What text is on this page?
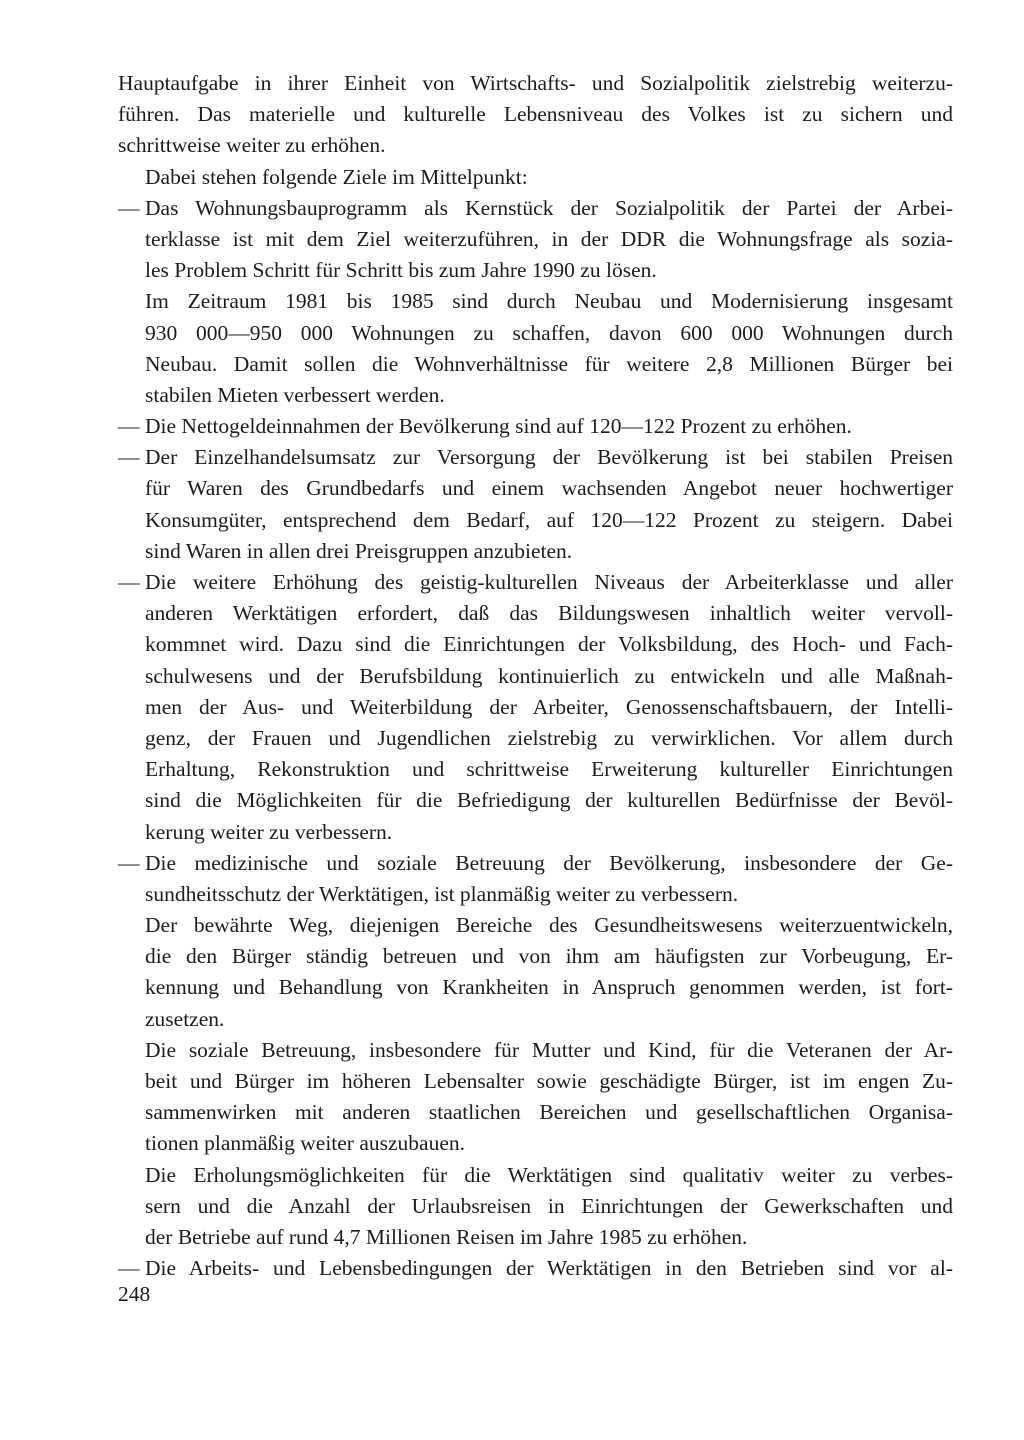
Hauptaufgabe in ihrer Einheit von Wirtschafts- und Sozialpolitik zielstrebig weiterzu-
führen. Das materielle und kulturelle Lebensniveau des Volkes ist zu sichern und
schrittweise weiter zu erhöhen.
Dabei stehen folgende Ziele im Mittelpunkt:
— Das Wohnungsbauprogramm als Kernstück der Sozialpolitik der Partei der Arbei-
terklasse ist mit dem Ziel weiterzuführen, in der DDR die Wohnungsfrage als sozia-
les Problem Schritt für Schritt bis zum Jahre 1990 zu lösen.
Im Zeitraum 1981 bis 1985 sind durch Neubau und Modernisierung insgesamt
930 000—950 000 Wohnungen zu schaffen, davon 600 000 Wohnungen durch
Neubau. Damit sollen die Wohnverhältnisse für weitere 2,8 Millionen Bürger bei
stabilen Mieten verbessert werden.
— Die Nettogeldeinnahmen der Bevölkerung sind auf 120—122 Prozent zu erhöhen.
— Der Einzelhandelsumsatz zur Versorgung der Bevölkerung ist bei stabilen Preisen
für Waren des Grundbedarfs und einem wachsenden Angebot neuer hochwertiger
Konsumgüter, entsprechend dem Bedarf, auf 120—122 Prozent zu steigern. Dabei
sind Waren in allen drei Preisgruppen anzubieten.
— Die weitere Erhöhung des geistig-kulturellen Niveaus der Arbeiterklasse und aller
anderen Werktätigen erfordert, daß das Bildungswesen inhaltlich weiter vervoll-
kommnet wird. Dazu sind die Einrichtungen der Volksbildung, des Hoch- und Fach-
schulwesens und der Berufsbildung kontinuierlich zu entwickeln und alle Maßnah-
men der Aus- und Weiterbildung der Arbeiter, Genossenschaftsbauern, der Intelli-
genz, der Frauen und Jugendlichen zielstrebig zu verwirklichen. Vor allem durch
Erhaltung, Rekonstruktion und schrittweise Erweiterung kultureller Einrichtungen
sind die Möglichkeiten für die Befriedigung der kulturellen Bedürfnisse der Bevöl-
kerung weiter zu verbessern.
— Die medizinische und soziale Betreuung der Bevölkerung, insbesondere der Ge-
sundheitsschutz der Werktätigen, ist planmäßig weiter zu verbessern.
Der bewährte Weg, diejenigen Bereiche des Gesundheitswesens weiterzuentwickeln,
die den Bürger ständig betreuen und von ihm am häufigsten zur Vorbeugung, Er-
kennung und Behandlung von Krankheiten in Anspruch genommen werden, ist fort-
zusetzen.
Die soziale Betreuung, insbesondere für Mutter und Kind, für die Veteranen der Ar-
beit und Bürger im höheren Lebensalter sowie geschädigte Bürger, ist im engen Zu-
sammenwirken mit anderen staatlichen Bereichen und gesellschaftlichen Organisa-
tionen planmäßig weiter auszubauen.
Die Erholungsmöglichkeiten für die Werktätigen sind qualitativ weiter zu verbes-
sern und die Anzahl der Urlaubsreisen in Einrichtungen der Gewerkschaften und
der Betriebe auf rund 4,7 Millionen Reisen im Jahre 1985 zu erhöhen.
— Die Arbeits- und Lebensbedingungen der Werktätigen in den Betrieben sind vor al-
248
